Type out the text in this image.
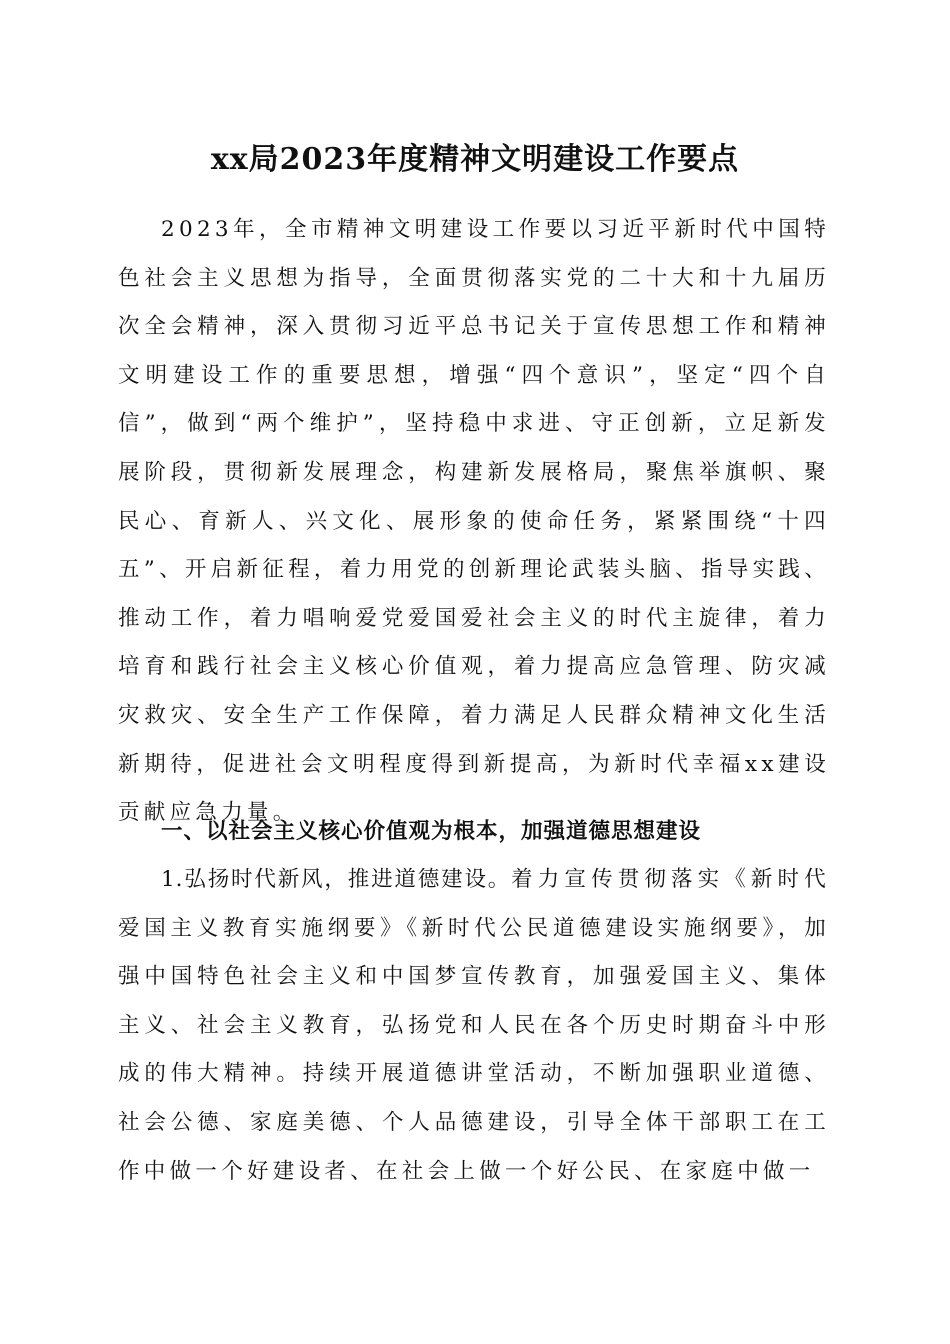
xx局2023年度精神文明建设工作要点

2023年，全市精神文明建设工作要以习近平新时代中国特色社会主义思想为指导，全面贯彻落实党的二十大和十九届历次全会精神，深入贯彻习近平总书记关于宣传思想工作和精神文明建设工作的重要思想，增强“四个意识”，坚定“四个自信”，做到“两个维护”，坚持稳中求进、守正创新，立足新发展阶段，贯彻新发展理念，构建新发展格局，聚焦举旗帜、聚民心、育新人、兴文化、展形象的使命任务，紧紧围绕“十四五”、开启新征程，着力用党的创新理论武装头脑、指导实践、推动工作，着力唱响爱党爱国爱社会主义的时代主旋律，着力培育和践行社会主义核心价值观，着力提高应急管理、防灾减灾救灾、安全生产工作保障，着力满足人民群众精神文化生活新期待，促进社会文明程度得到新提高，为新时代幸福xx建设贡献应急力量。

一、以社会主义核心价值观为根本，加强道德思想建设

1.弘扬时代新风，推进道德建设。着力宣传贯彻落实《新时代爱国主义教育实施纲要》《新时代公民道德建设实施纲要》，加强中国特色社会主义和中国梦宣传教育，加强爱国主义、集体主义、社会主义教育，弘扬党和人民在各个历史时期奋斗中形成的伟大精神。持续开展道德讲堂活动，不断加强职业道德、社会公德、家庭美德、个人品德建设，引导全体干部职工在工作中做一个好建设者、在社会上做一个好公民、在家庭中做一
